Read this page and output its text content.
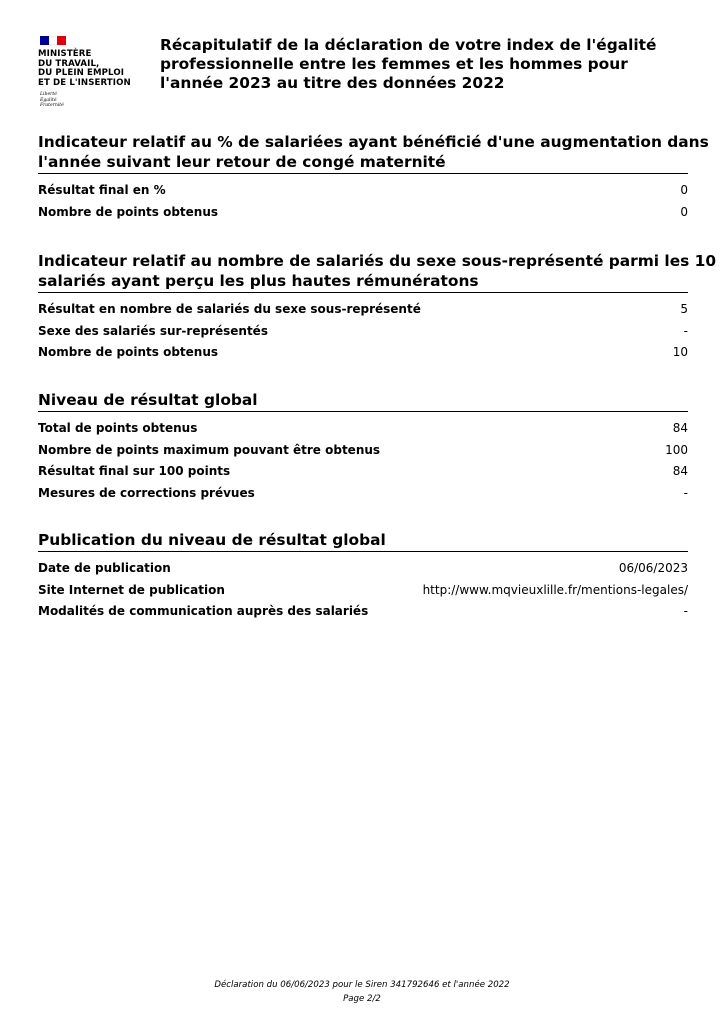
MINISTÈRE
DU TRAVAIL,
DU PLEIN EMPLOI
ET DE L'INSERTION
Liberté
Égalité
Fraternité
Récapitulatif de la déclaration de votre index de l'égalité
professionnelle entre les femmes et les hommes pour
l'année 2023 au titre des données 2022
Indicateur relatif au % de salariées ayant bénéficié d'une augmentation dans
l'année suivant leur retour de congé maternité
Résultat final en %	0
Nombre de points obtenus	0
Indicateur relatif au nombre de salariés du sexe sous-représenté parmi les 10
salariés ayant perçu les plus hautes rémunératons
Résultat en nombre de salariés du sexe sous-représenté	5
Sexe des salariés sur-représentés	-
Nombre de points obtenus	10
Niveau de résultat global
Total de points obtenus	84
Nombre de points maximum pouvant être obtenus	100
Résultat final sur 100 points	84
Mesures de corrections prévues	-
Publication du niveau de résultat global
Date de publication	06/06/2023
Site Internet de publication	http://www.mqvieuxlille.fr/mentions-legales/
Modalités de communication auprès des salariés	-
Déclaration du 06/06/2023 pour le Siren 341792646 et l'année 2022
Page 2/2
